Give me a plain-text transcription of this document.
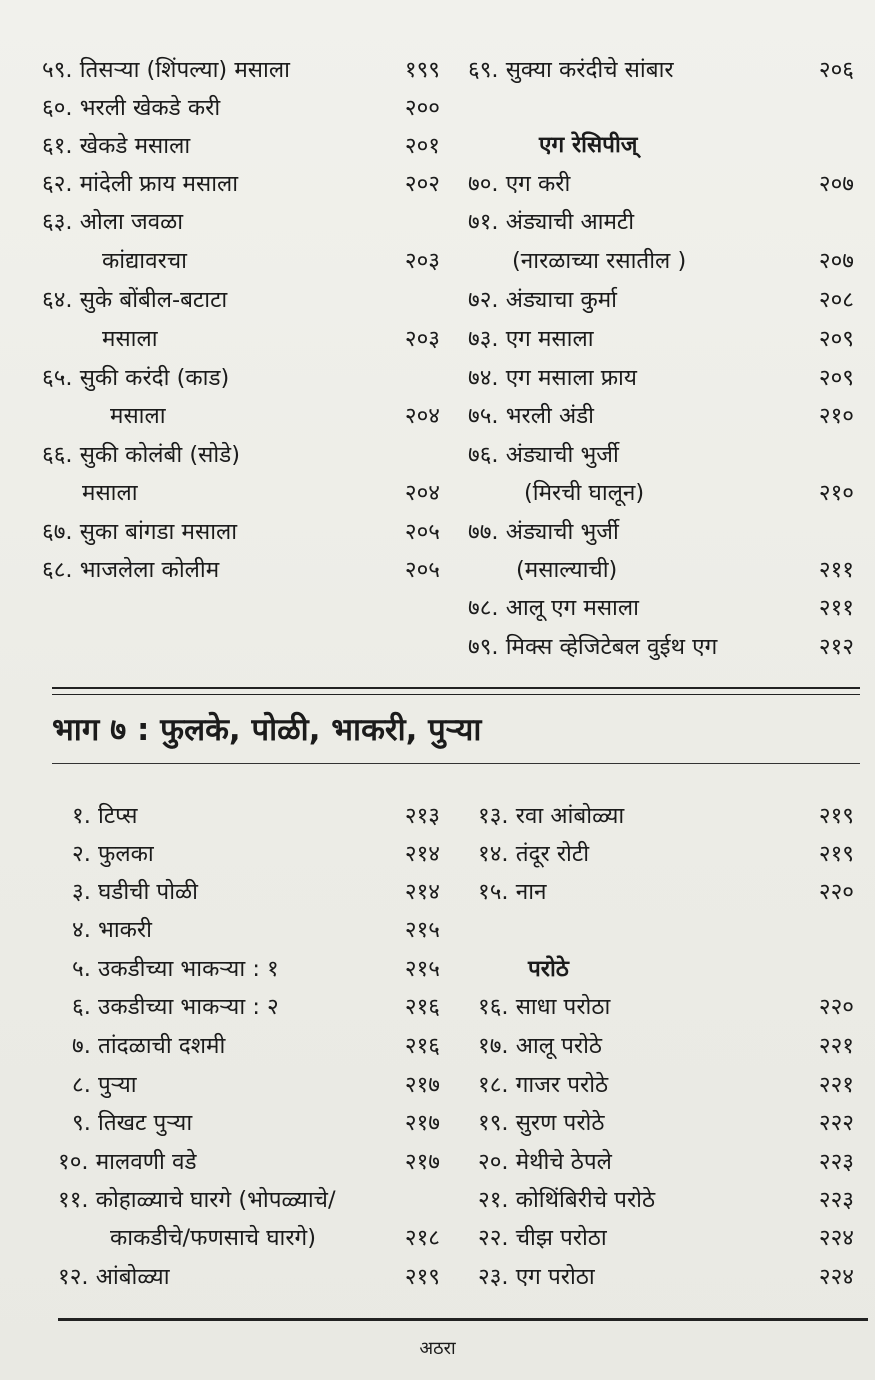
५९. तिसऱ्या (शिंपल्या) मसाला	१९९
६०. भरली खेकडे करी	२००
६१. खेकडे मसाला	२०१
६२. मांदेली फ्राय मसाला	२०२
६३. ओला जवळा
कांद्यावरचा	२०३
६४. सुके बोंबील-बटाटा
मसाला	२०३
६५. सुकी करंदी (काड)
मसाला	२०४
६६. सुकी कोलंबी (सोडे)
मसाला	२०४
६७. सुका बांगडा मसाला	२०५
६८. भाजलेला कोलीम	२०५
६९. सुक्या करंदीचे सांबार	२०६
एग रेसिपीज्
७०. एग करी	२०७
७१. अंड्याची आमटी
(नारळाच्या रसातील )	२०७
७२. अंड्याचा कुर्मा	२०८
७३. एग मसाला	२०९
७४. एग मसाला फ्राय	२०९
७५. भरली अंडी	२१०
७६. अंड्याची भुर्जी
(मिरची घालून)	२१०
७७. अंड्याची भुर्जी
(मसाल्याची)	२११
७८. आलू एग मसाला	२११
७९. मिक्स व्हेजिटेबल वुईथ एग	२१२
भाग ७ : फुलके, पोळी, भाकरी, पुऱ्या
१. टिप्स	२१३
२. फुलका	२१४
३. घडीची पोळी	२१४
४. भाकरी	२१५
५. उकडीच्या भाकऱ्या : १	२१५
६. उकडीच्या भाकऱ्या : २	२१६
७. तांदळाची दशमी	२१६
८. पुऱ्या	२१७
९. तिखट पुऱ्या	२१७
१०. मालवणी वडे	२१७
११. कोहाळ्याचे घारगे (भोपळ्याचे/
काकडीचे/फणसाचे घारगे)	२१८
१२. आंबोळ्या	२१९
१३. रवा आंबोळ्या	२१९
१४. तंदूर रोटी	२१९
१५. नान	२२०
परोठे
१६. साधा परोठा	२२०
१७. आलू परोठे	२२१
१८. गाजर परोठे	२२१
१९. सुरण परोठे	२२२
२०. मेथीचे ठेपले	२२३
२१. कोथिंबिरीचे परोठे	२२३
२२. चीझ परोठा	२२४
२३. एग परोठा	२२४
अठरा
